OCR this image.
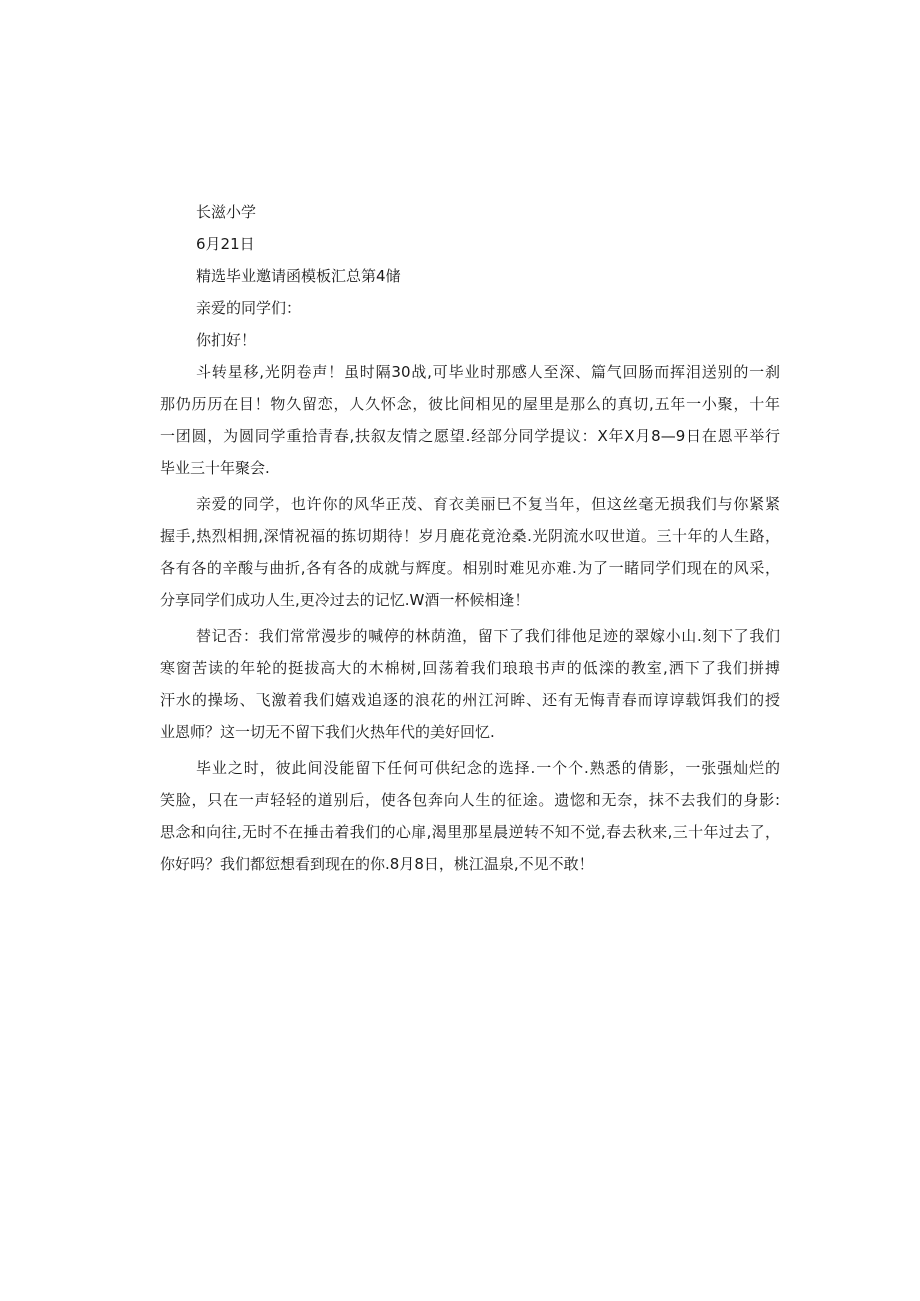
长滋小学

6月21日

精选毕业邀请函模板汇总第4储

亲爱的同学们：

你扪好！

斗转星移,光阴卷声！虽时隔30战,可毕业时那感人至深、篇气回肠而挥泪送别的一刹
那仍历历在目！物久留恋，人久怀念，彼比间相见的屋里是那么的真切,五年一小聚，十年
一团圆，为圆同学重拾青春,扶叙友情之愿望.经部分同学提议：X年X月8—9日在恩平举行
毕业三十年聚会.
亲爱的同学，也许你的风华正茂、育衣美丽巳不复当年，但这丝毫无损我们与你紧紧
握手,热烈相拥,深情祝福的拣切期待！岁月鹿花竟沧桑.光阴流水叹世道。三十年的人生路，
各有各的辛酸与曲折,各有各的成就与辉度。相别时难见亦难.为了一睹同学们现在的风采，
分享同学们成功人生,更冷过去的记忆.W酒一杯候相逢！
替记否：我们常常漫步的喊停的林荫渔，留下了我们徘他足迹的翠嫁小山.刻下了我们
寒窗苦读的年轮的挺拔高大的木棉树,回荡着我们琅琅书声的低滦的教室,洒下了我们拼搏
汗水的操场、飞激着我们嬉戏追逐的浪花的州江河眸、还有无悔青春而谆谆载饵我们的授
业恩师？这一切无不留下我们火热年代的美好回忆.
毕业之时，彼此间没能留下任何可供纪念的选择.一个个.熟悉的倩影，一张强灿烂的
笑脸，只在一声轻轻的道别后，使各包奔向人生的征途。遗惚和无奈，抹不去我们的身影:
思念和向往,无时不在捶击着我们的心扉,渴里那星晨逆转不知不觉,春去秋来,三十年过去了，
你好吗？我们都愆想看到现在的你.8月8日，桃江温泉,不见不敢！
